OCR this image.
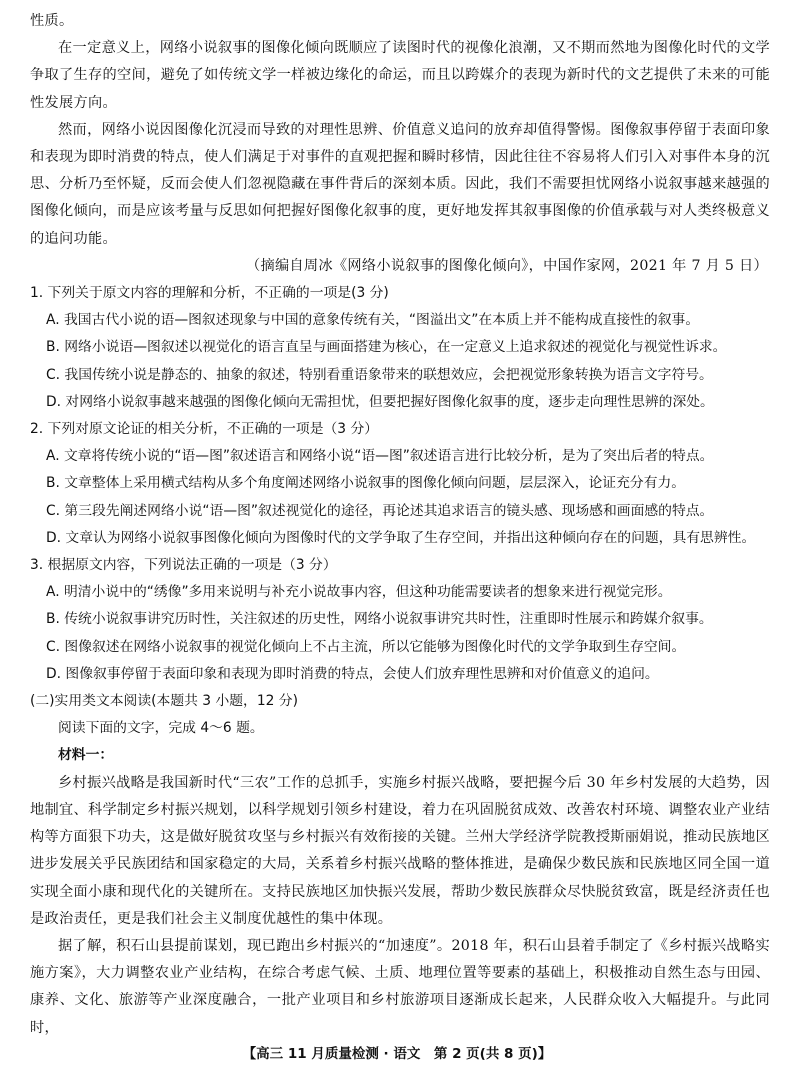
性质。

在一定意义上，网络小说叙事的图像化倾向既顺应了读图时代的视像化浪潮，又不期而然地为图像化时代的文学争取了生存的空间，避免了如传统文学一样被边缘化的命运，而且以跨媒介的表现为新时代的文艺提供了未来的可能性发展方向。

然而，网络小说因图像化沉浸而导致的对理性思辨、价值意义追问的放弃却值得警惕。图像叙事停留于表面印象和表现为即时消费的特点，使人们满足于对事件的直观把握和瞬时移情，因此往往不容易将人们引入对事件本身的沉思、分析乃至怀疑，反而会使人们忽视隐藏在事件背后的深刻本质。因此，我们不需要担忧网络小说叙事越来越强的图像化倾向，而是应该考量与反思如何把握好图像化叙事的度，更好地发挥其叙事图像的价值承载与对人类终极意义的追问功能。

（摘编自周冰《网络小说叙事的图像化倾向》，中国作家网，2021 年 7 月 5 日）

1. 下列关于原文内容的理解和分析，不正确的一项是(3 分)

A. 我国古代小说的语—图叙述现象与中国的意象传统有关，“图溢出文”在本质上并不能构成直接性的叙事。

B. 网络小说语—图叙述以视觉化的语言直呈与画面搭建为核心，在一定意义上追求叙述的视觉化与视觉性诉求。

C. 我国传统小说是静态的、抽象的叙述，特别看重语象带来的联想效应，会把视觉形象转换为语言文字符号。

D. 对网络小说叙事越来越强的图像化倾向无需担忧，但要把握好图像化叙事的度，逐步走向理性思辨的深处。

2. 下列对原文论证的相关分析，不正确的一项是（3 分）

A. 文章将传统小说的“语—图”叙述语言和网络小说“语—图”叙述语言进行比较分析，是为了突出后者的特点。

B. 文章整体上采用横式结构从多个角度阐述网络小说叙事的图像化倾向问题，层层深入，论证充分有力。

C. 第三段先阐述网络小说“语—图”叙述视觉化的途径，再论述其追求语言的镜头感、现场感和画面感的特点。

D. 文章认为网络小说叙事图像化倾向为图像时代的文学争取了生存空间，并指出这种倾向存在的问题，具有思辨性。

3. 根据原文内容，下列说法正确的一项是（3 分）

A. 明清小说中的“绣像”多用来说明与补充小说故事内容，但这种功能需要读者的想象来进行视觉完形。

B. 传统小说叙事讲究历时性，关注叙述的历史性，网络小说叙事讲究共时性，注重即时性展示和跨媒介叙事。

C. 图像叙述在网络小说叙事的视觉化倾向上不占主流，所以它能够为图像化时代的文学争取到生存空间。

D. 图像叙事停留于表面印象和表现为即时消费的特点，会使人们放弃理性思辨和对价值意义的追问。

(二)实用类文本阅读(本题共 3 小题，12 分)

阅读下面的文字，完成 4～6 题。

材料一：

乡村振兴战略是我国新时代“三农”工作的总抓手，实施乡村振兴战略，要把握今后 30 年乡村发展的大趋势，因地制宜、科学制定乡村振兴规划，以科学规划引领乡村建设，着力在巩固脱贫成效、改善农村环境、调整农业产业结构等方面狠下功夫，这是做好脱贫攻坚与乡村振兴有效衔接的关键。兰州大学经济学院教授斯丽娟说，推动民族地区进步发展关乎民族团结和国家稳定的大局，关系着乡村振兴战略的整体推进，是确保少数民族和民族地区同全国一道实现全面小康和现代化的关键所在。支持民族地区加快振兴发展，帮助少数民族群众尽快脱贫致富，既是经济责任也是政治责任，更是我们社会主义制度优越性的集中体现。

据了解，积石山县提前谋划，现已跑出乡村振兴的“加速度”。2018 年，积石山县着手制定了《乡村振兴战略实施方案》，大力调整农业产业结构，在综合考虑气候、土质、地理位置等要素的基础上，积极推动自然生态与田园、康养、文化、旅游等产业深度融合，一批产业项目和乡村旅游项目逐渐成长起来，人民群众收入大幅提升。与此同时，

【高三 11 月质量检测 · 语文　第 2 页(共 8 页)】
